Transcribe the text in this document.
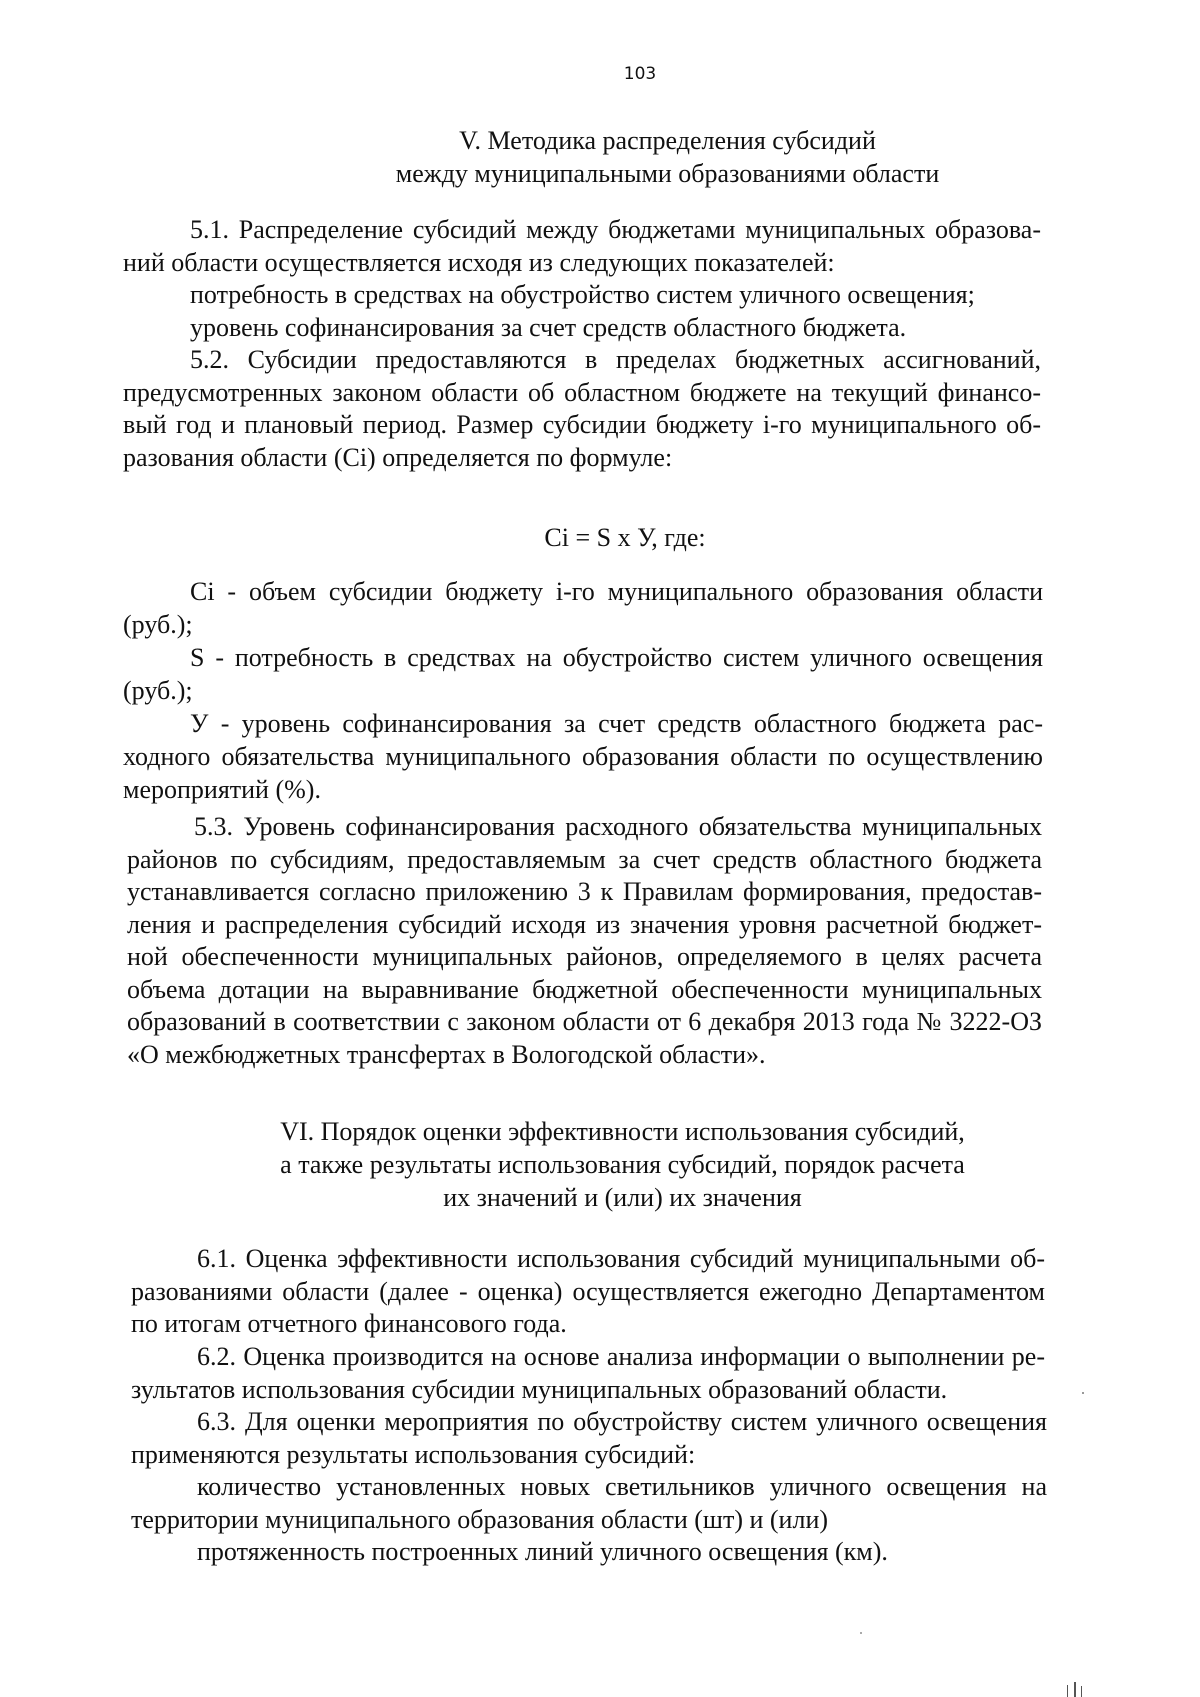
103
V. Методика распределения субсидий
между муниципальными образованиями области
5.1. Распределение субсидий между бюджетами муниципальных образова-
ний области осуществляется исходя из следующих показателей:
потребность в средствах на обустройство систем уличного освещения;
уровень софинансирования за счет средств областного бюджета.
5.2. Субсидии предоставляются в пределах бюджетных ассигнований,
предусмотренных законом области об областном бюджете на текущий финансо-
вый год и плановый период. Размер субсидии бюджету i-го муниципального об-
разования области (Ci) определяется по формуле:
Ci = S x У, где:
Ci - объем субсидии бюджету i-го муниципального образования области
(руб.);
S - потребность в средствах на обустройство систем уличного освещения
(руб.);
У - уровень софинансирования за счет средств областного бюджета рас-
ходного обязательства муниципального образования области по осуществлению
мероприятий (%).
5.3. Уровень софинансирования расходного обязательства муниципальных
районов по субсидиям, предоставляемым за счет средств областного бюджета
устанавливается согласно приложению 3 к Правилам формирования, предостав-
ления и распределения субсидий исходя из значения уровня расчетной бюджет-
ной обеспеченности муниципальных районов, определяемого в целях расчета
объема дотации на выравнивание бюджетной обеспеченности муниципальных
образований в соответствии с законом области от 6 декабря 2013 года № 3222-ОЗ
«О межбюджетных трансфертах в Вологодской области».
VI. Порядок оценки эффективности использования субсидий,
а также результаты использования субсидий, порядок расчета
их значений и (или) их значения
6.1. Оценка эффективности использования субсидий муниципальными об-
разованиями области (далее - оценка) осуществляется ежегодно Департаментом
по итогам отчетного финансового года.
6.2. Оценка производится на основе анализа информации о выполнении ре-
зультатов использования субсидии муниципальных образований области.
6.3. Для оценки мероприятия по обустройству систем уличного освещения
применяются результаты использования субсидий:
количество установленных новых светильников уличного освещения на
территории муниципального образования области (шт) и (или)
протяженность построенных линий уличного освещения (км).
